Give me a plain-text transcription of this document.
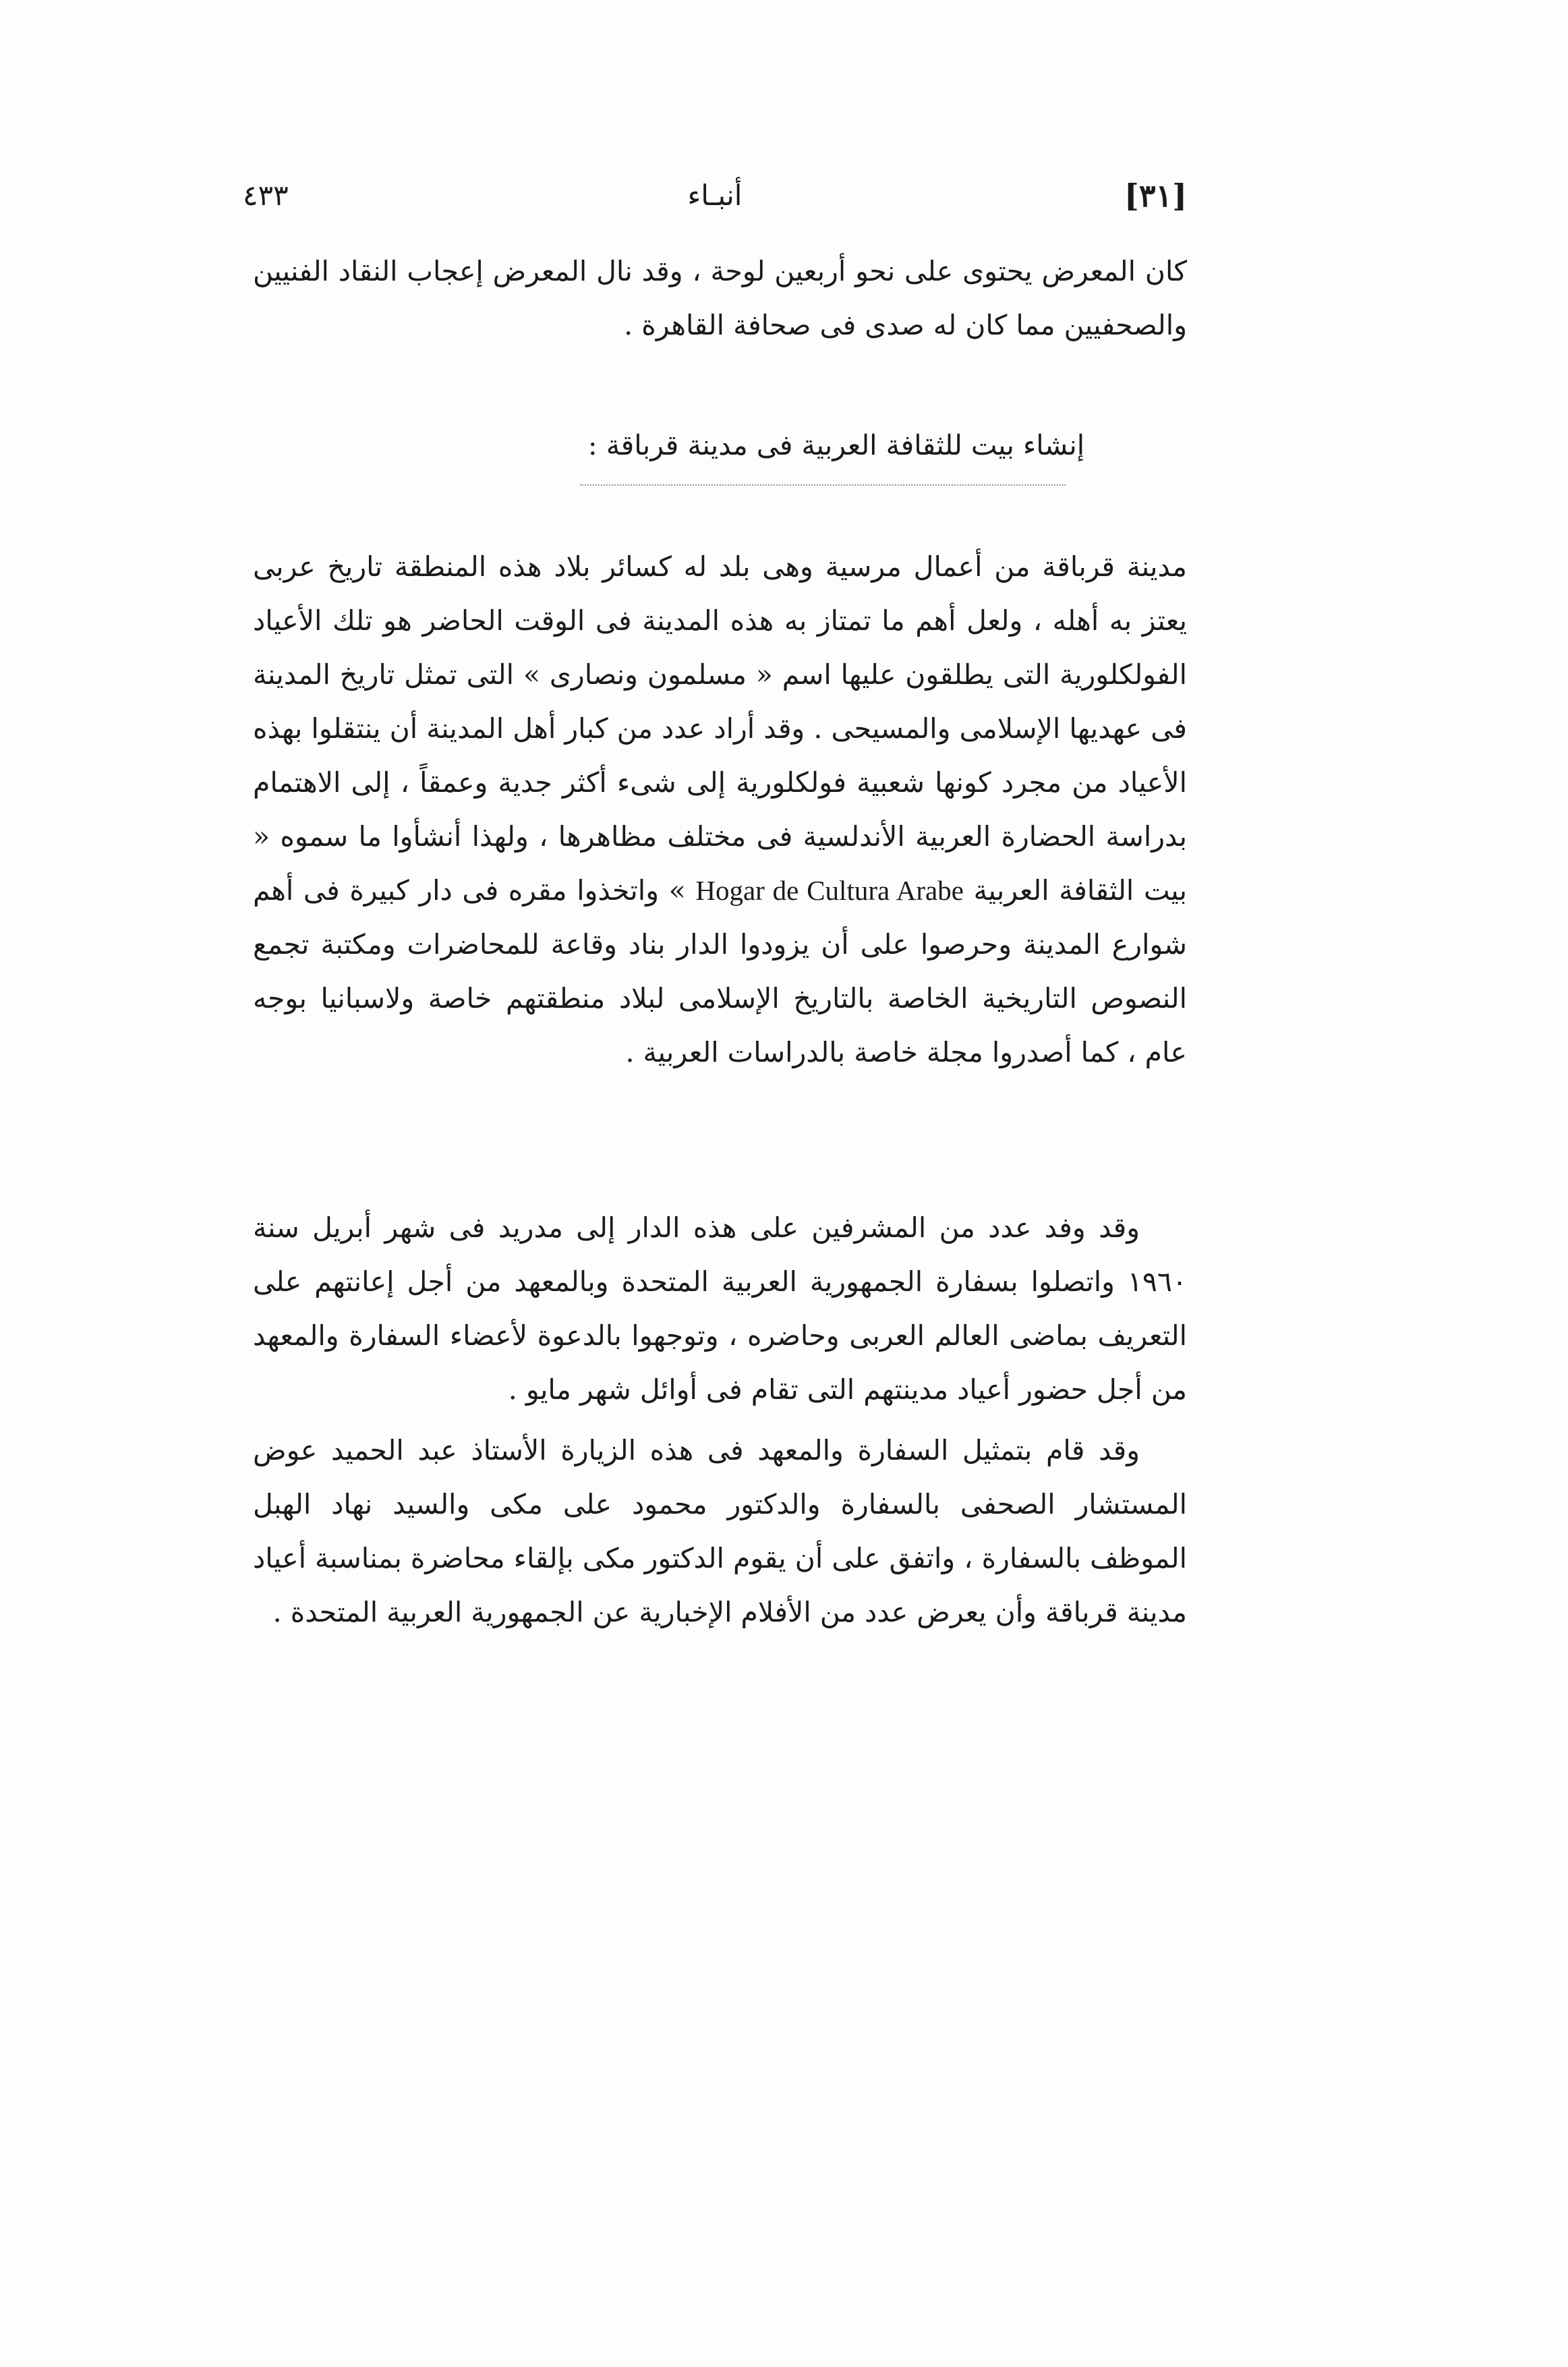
[٣١]
أنبـاء
٤٣٣

كان المعرض يحتوى على نحو أربعين لوحة ، وقد نال المعرض إعجاب النقاد الفنيين والصحفيين مما كان له صدى فى صحافة القاهرة .

إنشاء بيت للثقافة العربية فى مدينة قرباقة :

مدينة قرباقة من أعمال مرسية وهى بلد له كسائر بلاد هذه المنطقة تاريخ عربى يعتز به أهله ، ولعل أهم ما تمتاز به هذه المدينة فى الوقت الحاضر هو تلك الأعياد الفولكلورية التى يطلقون عليها اسم « مسلمون ونصارى » التى تمثل تاريخ المدينة فى عهديها الإسلامى والمسيحى . وقد أراد عدد من كبار أهل المدينة أن ينتقلوا بهذه الأعياد من مجرد كونها شعبية فولكلورية إلى شىء أكثر جدية وعمقاً ، إلى الاهتمام بدراسة الحضارة العربية الأندلسية فى مختلف مظاهرها ، ولهذا أنشأوا ما سموه « بيت الثقافة العربية Hogar de Cultura Arabe » واتخذوا مقره فى دار كبيرة فى أهم شوارع المدينة وحرصوا على أن يزودوا الدار بناد وقاعة للمحاضرات ومكتبة تجمع النصوص التاريخية الخاصة بالتاريخ الإسلامى لبلاد منطقتهم خاصة ولاسبانيا بوجه عام ، كما أصدروا مجلة خاصة بالدراسات العربية .

وقد وفد عدد من المشرفين على هذه الدار إلى مدريد فى شهر أبريل سنة ١٩٦٠ واتصلوا بسفارة الجمهورية العربية المتحدة وبالمعهد من أجل إعانتهم على التعريف بماضى العالم العربى وحاضره ، وتوجهوا بالدعوة لأعضاء السفارة والمعهد من أجل حضور أعياد مدينتهم التى تقام فى أوائل شهر مايو .

وقد قام بتمثيل السفارة والمعهد فى هذه الزيارة الأستاذ عبد الحميد عوض المستشار الصحفى بالسفارة والدكتور محمود على مكى والسيد نهاد الهبل الموظف بالسفارة ، واتفق على أن يقوم الدكتور مكى بإلقاء محاضرة بمناسبة أعياد مدينة قرباقة وأن يعرض عدد من الأفلام الإخبارية عن الجمهورية العربية المتحدة .
